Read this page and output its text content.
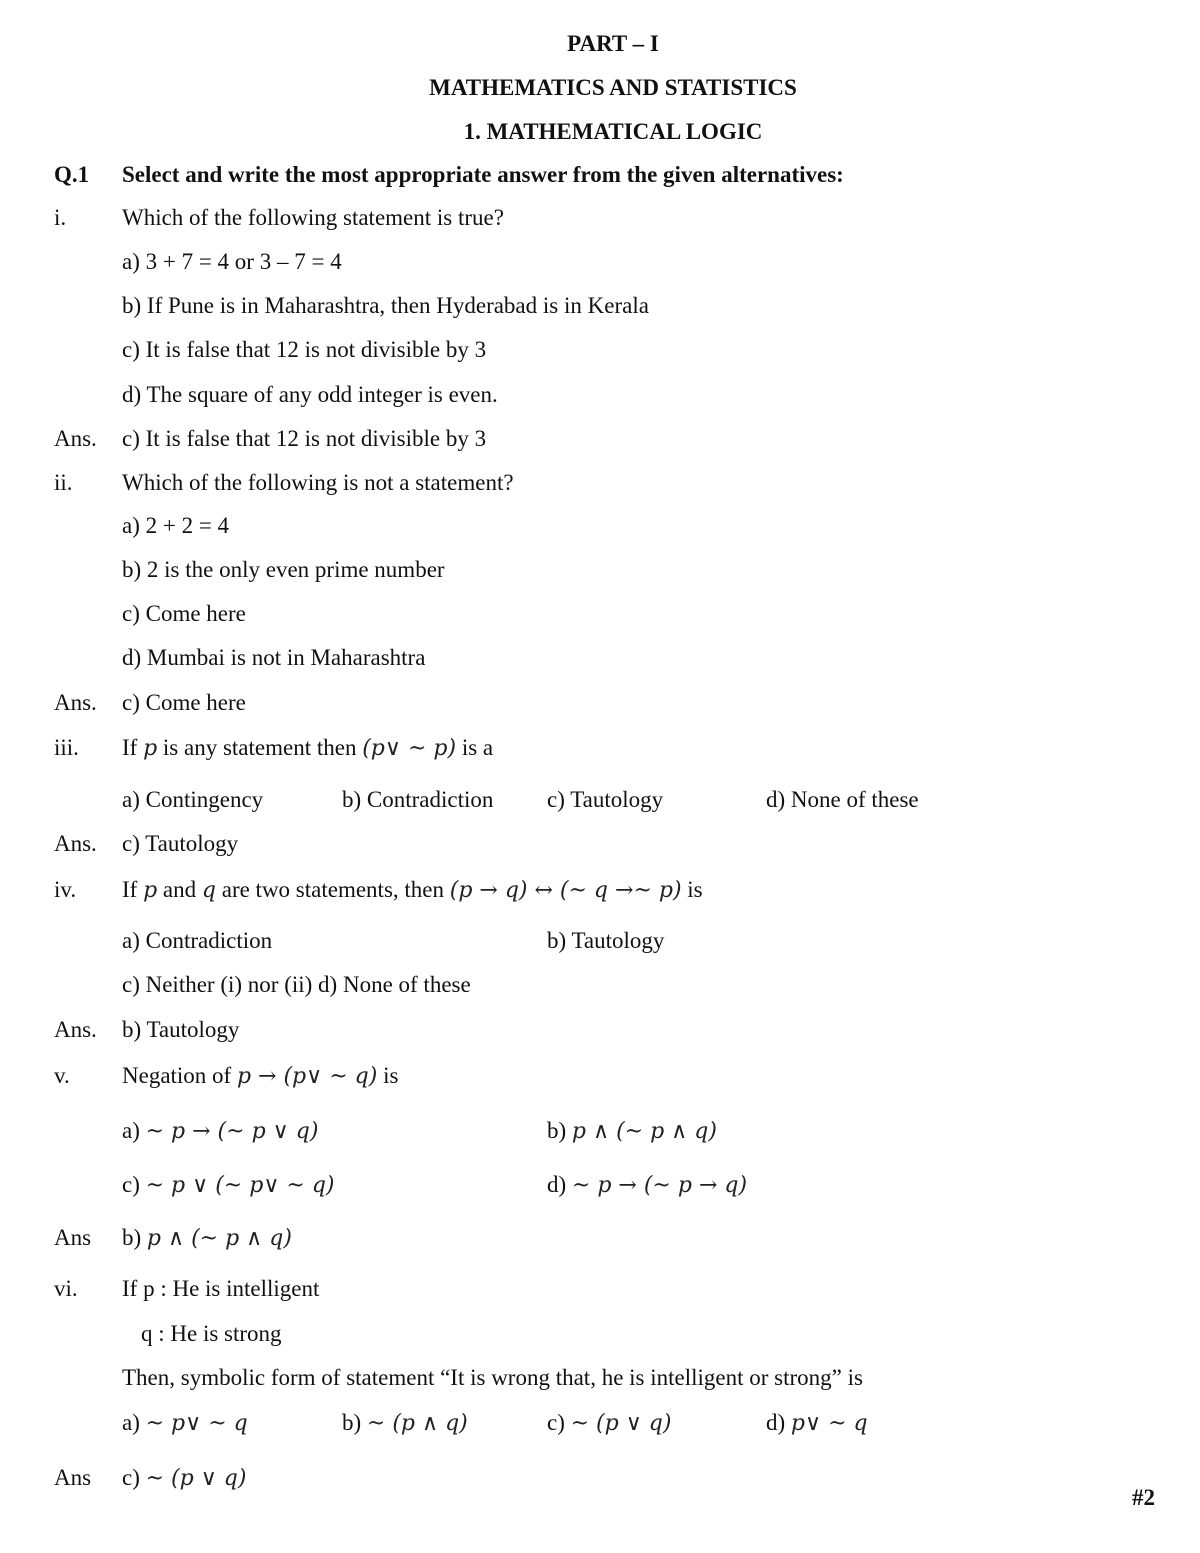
PART – I
MATHEMATICS AND STATISTICS
1. MATHEMATICAL LOGIC
Q.1 Select and write the most appropriate answer from the given alternatives:
i. Which of the following statement is true?
a) 3 + 7 = 4 or 3 – 7 = 4
b) If Pune is in Maharashtra, then Hyderabad is in Kerala
c) It is false that 12 is not divisible by 3
d) The square of any odd integer is even.
Ans. c) It is false that 12 is not divisible by 3
ii. Which of the following is not a statement?
a) 2 + 2 = 4
b) 2 is the only even prime number
c) Come here
d) Mumbai is not in Maharashtra
Ans. c) Come here
iii. If p is any statement then (p∨ ~ p) is a
a) Contingency	b) Contradiction c) Tautology	d) None of these
Ans. c) Tautology
iv. If p and q are two statements, then (p → q) ↔ (~ q →~ p) is
a) Contradiction	b) Tautology
c) Neither (i) nor (ii) d) None of these
Ans. b) Tautology
v. Negation of p → (p∨ ~ q) is
a) ~ p → (~ p ∨ q)	b) p ∧ (~ p ∧ q)
c) ~ p ∨ (~ p∨ ~ q)	d) ~ p → (~ p → q)
Ans b) p ∧ (~ p ∧ q)
vi. If p : He is intelligent
q : He is strong
Then, symbolic form of statement “It is wrong that, he is intelligent or strong” is
a) ~ p∨ ~ q	b) ~ (p ∧ q)	c) ~ (p ∨ q)	d) p∨ ~ q
Ans c) ~ (p ∨ q)
#2
